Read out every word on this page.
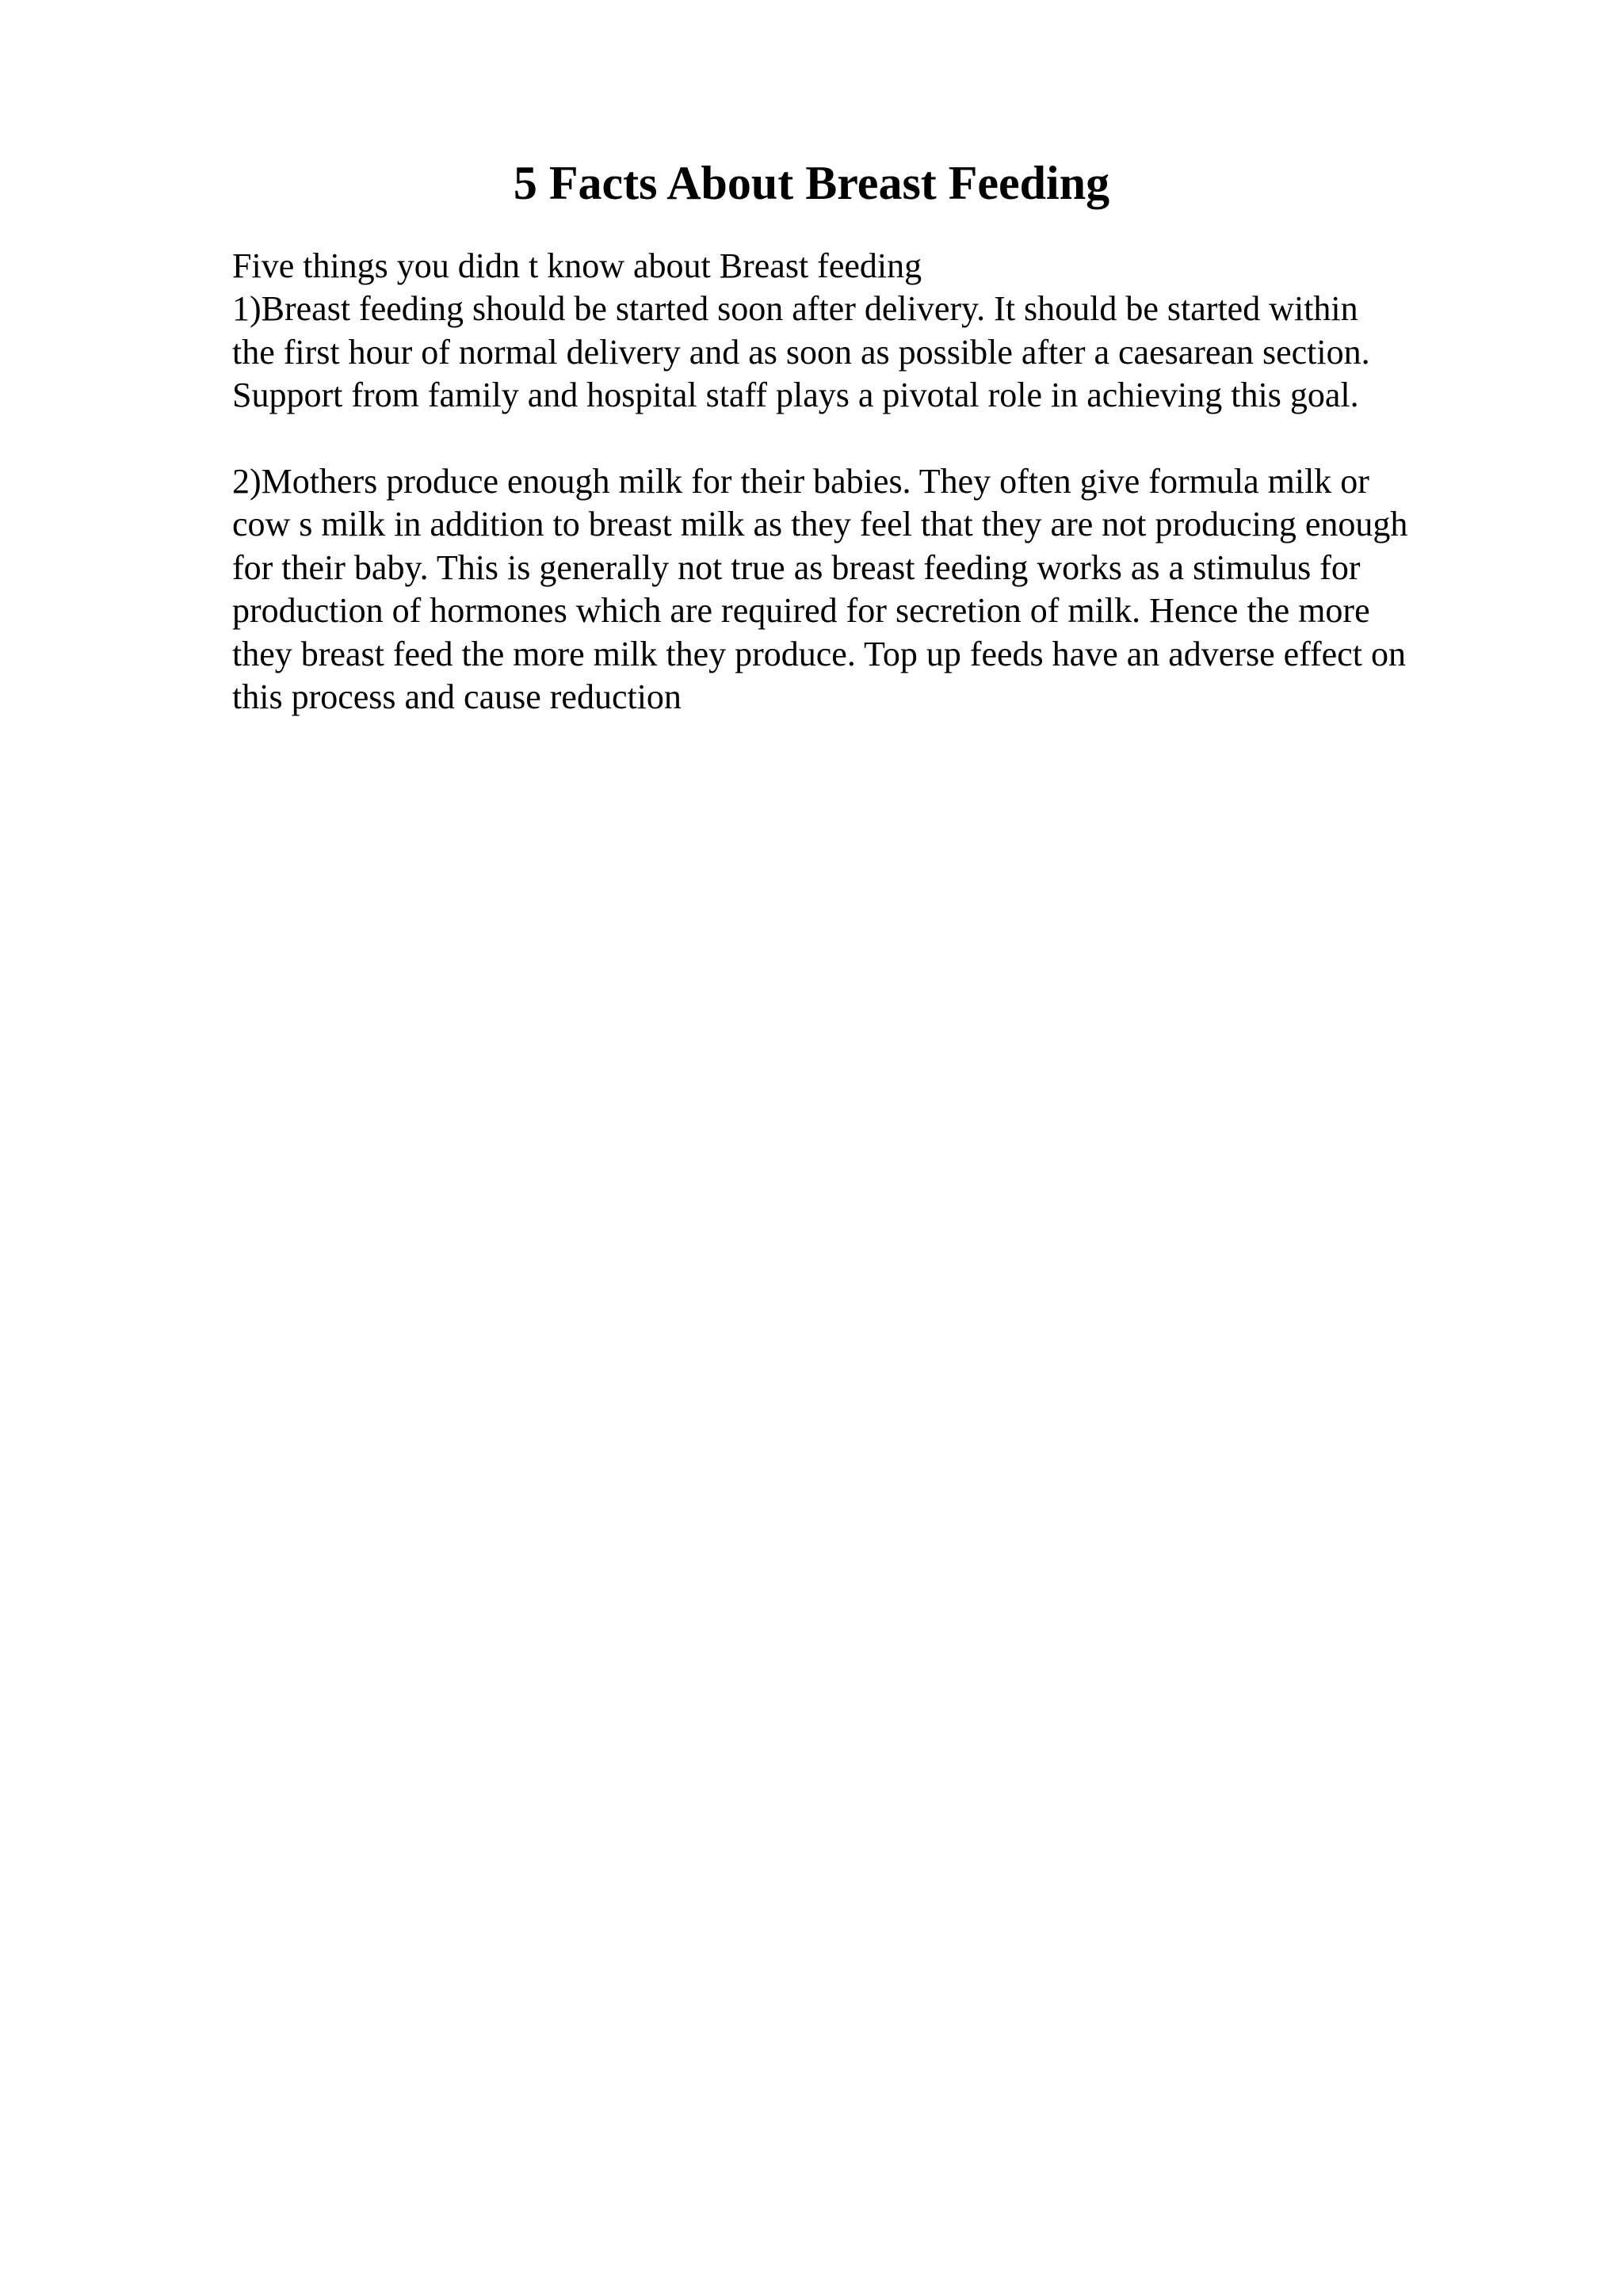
5 Facts About Breast Feeding
Five things you didn t know about Breast feeding
1)Breast feeding should be started soon after delivery. It should be started within
the first hour of normal delivery and as soon as possible after a caesarean section.
Support from family and hospital staff plays a pivotal role in achieving this goal.
2)Mothers produce enough milk for their babies. They often give formula milk or
cow s milk in addition to breast milk as they feel that they are not producing enough
for their baby. This is generally not true as breast feeding works as a stimulus for
production of hormones which are required for secretion of milk. Hence the more
they breast feed the more milk they produce. Top up feeds have an adverse effect on
this process and cause reduction
